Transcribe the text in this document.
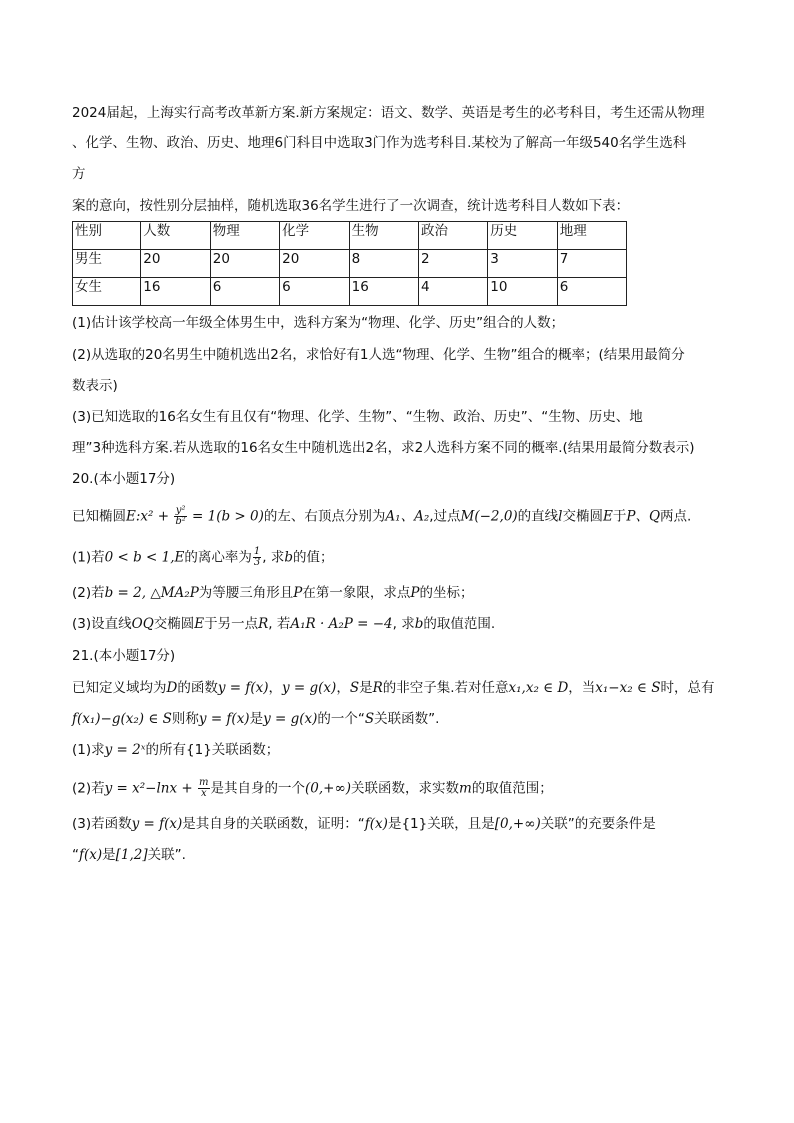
2024届起，上海实行高考改革新方案.新方案规定：语文、数学、英语是考生的必考科目，考生还需从物理
、化学、生物、政治、历史、地理6门科目中选取3门作为选考科目.某校为了解高一年级540名学生选科
方
案的意向，按性别分层抽样，随机选取36名学生进行了一次调查，统计选考科目人数如下表：
性别	人数	物理	化学	生物	政治	历史	地理
男生	20	20	20	8	2	3	7
女生	16	6	6	16	4	10	6
(1)估计该学校高一年级全体男生中，选科方案为“物理、化学、历史”组合的人数；
(2)从选取的20名男生中随机选出2名，求恰好有1人选“物理、化学、生物”组合的概率；(结果用最简分
数表示)
(3)已知选取的16名女生有且仅有“物理、化学、生物”、“生物、政治、历史”、“生物、历史、地
理”3种选科方案.若从选取的16名女生中随机选出2名，求2人选科方案不同的概率.(结果用最简分数表示)
20.(本小题17分)
已知椭圆E:x² + $\frac{\text{y²}}{\text{b²}} = 1(b > 0)$的左、右顶点分别为A₁、A₂,过点M(−2,0)的直线l交椭圆E于P、Q两点.
(1)若0 < b < 1,E的离心率为 $\frac{1}{3}$ , 求b的值；
(2)若b = 2, △MA₂P为等腰三角形且P在第一象限，求点P的坐标；
(3)设直线OQ交椭圆E于另一点R, 若A₁R · A₂P = −4, 求b的取值范围.
21.(本小题17分)
已知定义域均为D的函数y = f(x)，y = g(x)，S是R的非空子集.若对任意x₁,x₂ ∈ D，当x₁−x₂ ∈ S时，总有
f(x₁)−g(x₂) ∈ S则称y = f(x)是y = g(x)的一个“S关联函数”.
(1)求y = 2ˣ的所有{1}关联函数；
(2)若$y = x^2-\ln x + \frac{m}{x}$ 是其自身的一个(0,+∞)关联函数，求实数m的取值范围；
(3)若函数y = f(x)是其自身的关联函数，证明：“f(x)是{1}关联，且是[0,+∞)关联”的充要条件是
“f(x)是[1,2]关联”.
